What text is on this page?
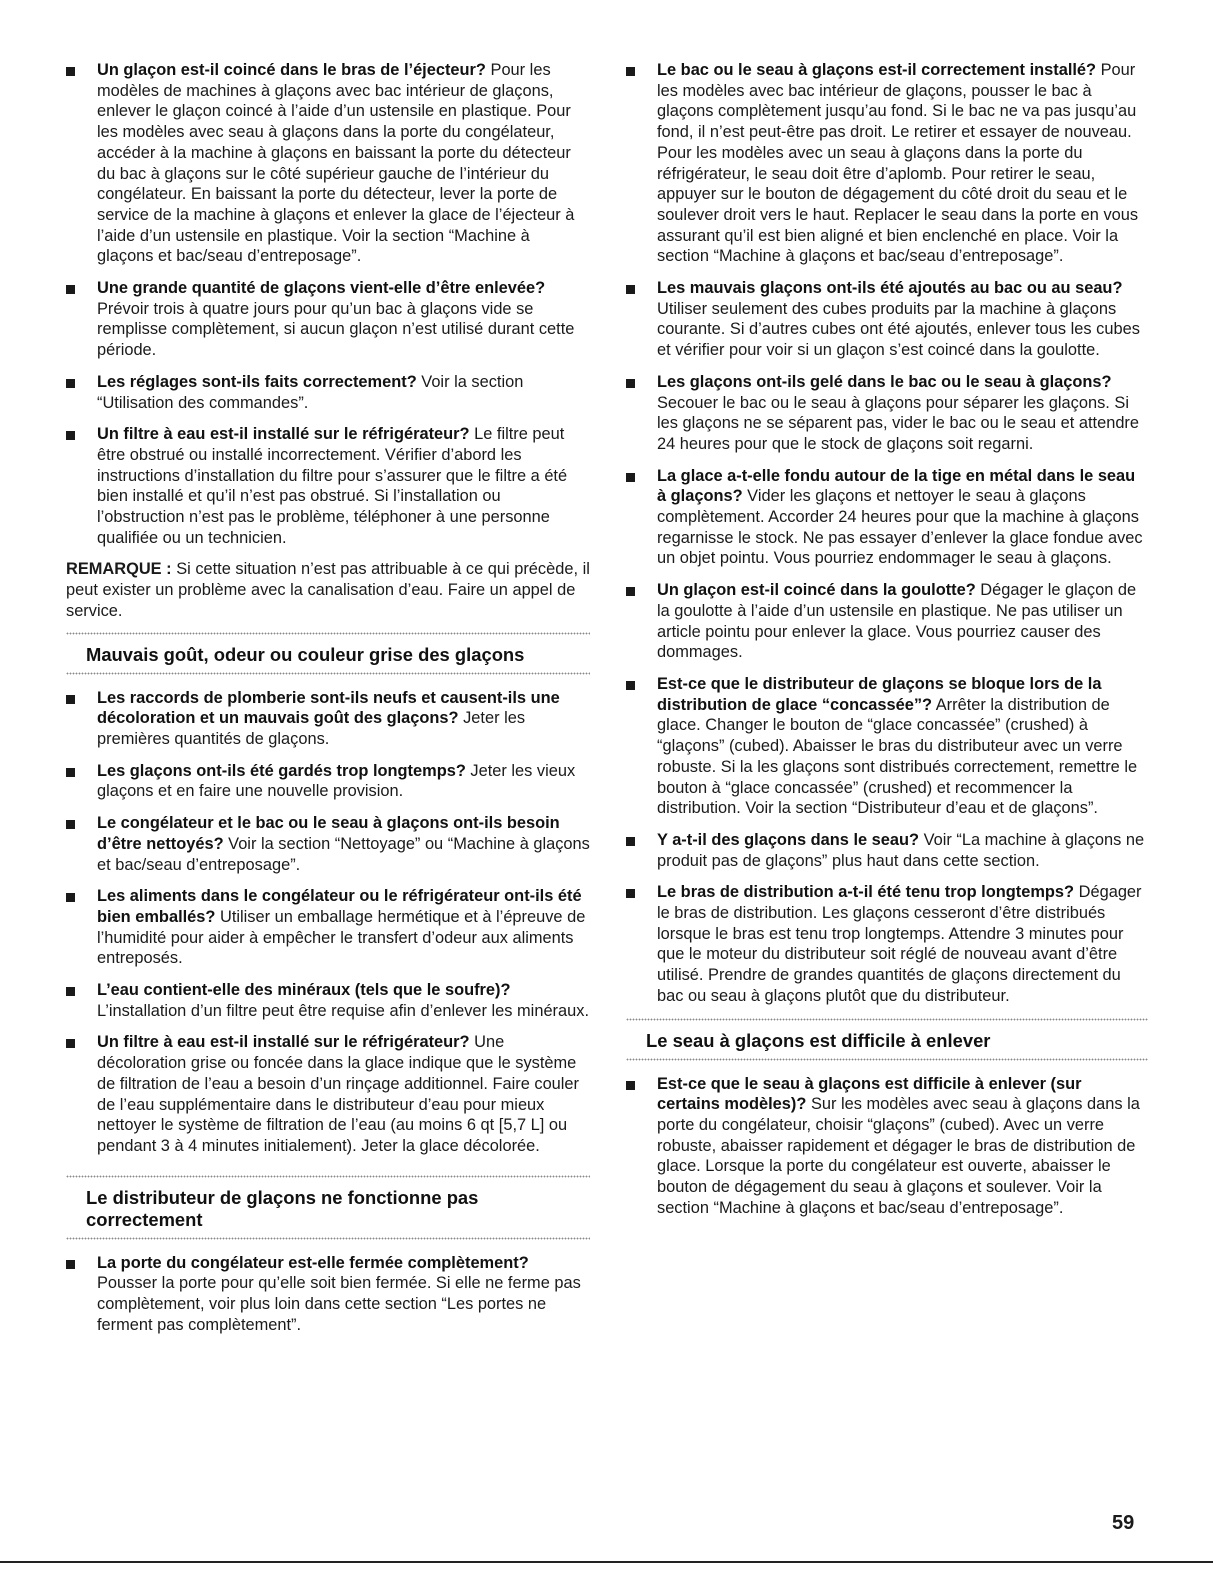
Un glaçon est-il coincé dans le bras de l’éjecteur? Pour les modèles de machines à glaçons avec bac intérieur de glaçons, enlever le glaçon coincé à l’aide d’un ustensile en plastique. Pour les modèles avec seau à glaçons dans la porte du congélateur, accéder à la machine à glaçons en baissant la porte du détecteur du bac à glaçons sur le côté supérieur gauche de l’intérieur du congélateur. En baissant la porte du détecteur, lever la porte de service de la machine à glaçons et enlever la glace de l’éjecteur à l’aide d’un ustensile en plastique. Voir la section “Machine à glaçons et bac/seau d’entreposage”.

Une grande quantité de glaçons vient-elle d’être enlevée? Prévoir trois à quatre jours pour qu’un bac à glaçons vide se remplisse complètement, si aucun glaçon n’est utilisé durant cette période.

Les réglages sont-ils faits correctement? Voir la section “Utilisation des commandes”.

Un filtre à eau est-il installé sur le réfrigérateur? Le filtre peut être obstrué ou installé incorrectement. Vérifier d’abord les instructions d’installation du filtre pour s’assurer que le filtre a été bien installé et qu’il n’est pas obstrué. Si l’installation ou l’obstruction n’est pas le problème, téléphoner à une personne qualifiée ou un technicien.

REMARQUE : Si cette situation n’est pas attribuable à ce qui précède, il peut exister un problème avec la canalisation d’eau. Faire un appel de service.

Mauvais goût, odeur ou couleur grise des glaçons

Les raccords de plomberie sont-ils neufs et causent-ils une décoloration et un mauvais goût des glaçons? Jeter les premières quantités de glaçons.

Les glaçons ont-ils été gardés trop longtemps? Jeter les vieux glaçons et en faire une nouvelle provision.

Le congélateur et le bac ou le seau à glaçons ont-ils besoin d’être nettoyés? Voir la section “Nettoyage” ou “Machine à glaçons et bac/seau d’entreposage”.

Les aliments dans le congélateur ou le réfrigérateur ont-ils été bien emballés? Utiliser un emballage hermétique et à l’épreuve de l’humidité pour aider à empêcher le transfert d’odeur aux aliments entreposés.

L’eau contient-elle des minéraux (tels que le soufre)? L’installation d’un filtre peut être requise afin d’enlever les minéraux.

Un filtre à eau est-il installé sur le réfrigérateur? Une décoloration grise ou foncée dans la glace indique que le système de filtration de l’eau a besoin d’un rinçage additionnel. Faire couler de l’eau supplémentaire dans le distributeur d’eau pour mieux nettoyer le système de filtration de l’eau (au moins 6 qt [5,7 L] ou pendant 3 à 4 minutes initialement). Jeter la glace décolorée.

Le distributeur de glaçons ne fonctionne pas correctement

La porte du congélateur est-elle fermée complètement? Pousser la porte pour qu’elle soit bien fermée. Si elle ne ferme pas complètement, voir plus loin dans cette section “Les portes ne ferment pas complètement”.

Le bac ou le seau à glaçons est-il correctement installé? Pour les modèles avec bac intérieur de glaçons, pousser le bac à glaçons complètement jusqu’au fond. Si le bac ne va pas jusqu’au fond, il n’est peut-être pas droit. Le retirer et essayer de nouveau. Pour les modèles avec un seau à glaçons dans la porte du réfrigérateur, le seau doit être d’aplomb. Pour retirer le seau, appuyer sur le bouton de dégagement du côté droit du seau et le soulever droit vers le haut. Replacer le seau dans la porte en vous assurant qu’il est bien aligné et bien enclenché en place. Voir la section “Machine à glaçons et bac/seau d’entreposage”.

Les mauvais glaçons ont-ils été ajoutés au bac ou au seau? Utiliser seulement des cubes produits par la machine à glaçons courante. Si d’autres cubes ont été ajoutés, enlever tous les cubes et vérifier pour voir si un glaçon s’est coincé dans la goulotte.

Les glaçons ont-ils gelé dans le bac ou le seau à glaçons? Secouer le bac ou le seau à glaçons pour séparer les glaçons. Si les glaçons ne se séparent pas, vider le bac ou le seau et attendre 24 heures pour que le stock de glaçons soit regarni.

La glace a-t-elle fondu autour de la tige en métal dans le seau à glaçons? Vider les glaçons et nettoyer le seau à glaçons complètement. Accorder 24 heures pour que la machine à glaçons regarnisse le stock. Ne pas essayer d’enlever la glace fondue avec un objet pointu. Vous pourriez endommager le seau à glaçons.

Un glaçon est-il coincé dans la goulotte? Dégager le glaçon de la goulotte à l’aide d’un ustensile en plastique. Ne pas utiliser un article pointu pour enlever la glace. Vous pourriez causer des dommages.

Est-ce que le distributeur de glaçons se bloque lors de la distribution de glace “concassée”? Arrêter la distribution de glace. Changer le bouton de “glace concassée” (crushed) à “glaçons” (cubed). Abaisser le bras du distributeur avec un verre robuste. Si la les glaçons sont distribués correctement, remettre le bouton à “glace concassée” (crushed) et recommencer la distribution. Voir la section “Distributeur d’eau et de glaçons”.

Y a-t-il des glaçons dans le seau? Voir “La machine à glaçons ne produit pas de glaçons” plus haut dans cette section.

Le bras de distribution a-t-il été tenu trop longtemps? Dégager le bras de distribution. Les glaçons cesseront d’être distribués lorsque le bras est tenu trop longtemps. Attendre 3 minutes pour que le moteur du distributeur soit réglé de nouveau avant d’être utilisé. Prendre de grandes quantités de glaçons directement du bac ou seau à glaçons plutôt que du distributeur.

Le seau à glaçons est difficile à enlever

Est-ce que le seau à glaçons est difficile à enlever (sur certains modèles)? Sur les modèles avec seau à glaçons dans la porte du congélateur, choisir “glaçons” (cubed). Avec un verre robuste, abaisser rapidement et dégager le bras de distribution de glace. Lorsque la porte du congélateur est ouverte, abaisser le bouton de dégagement du seau à glaçons et soulever. Voir la section “Machine à glaçons et bac/seau d’entreposage”.

59
